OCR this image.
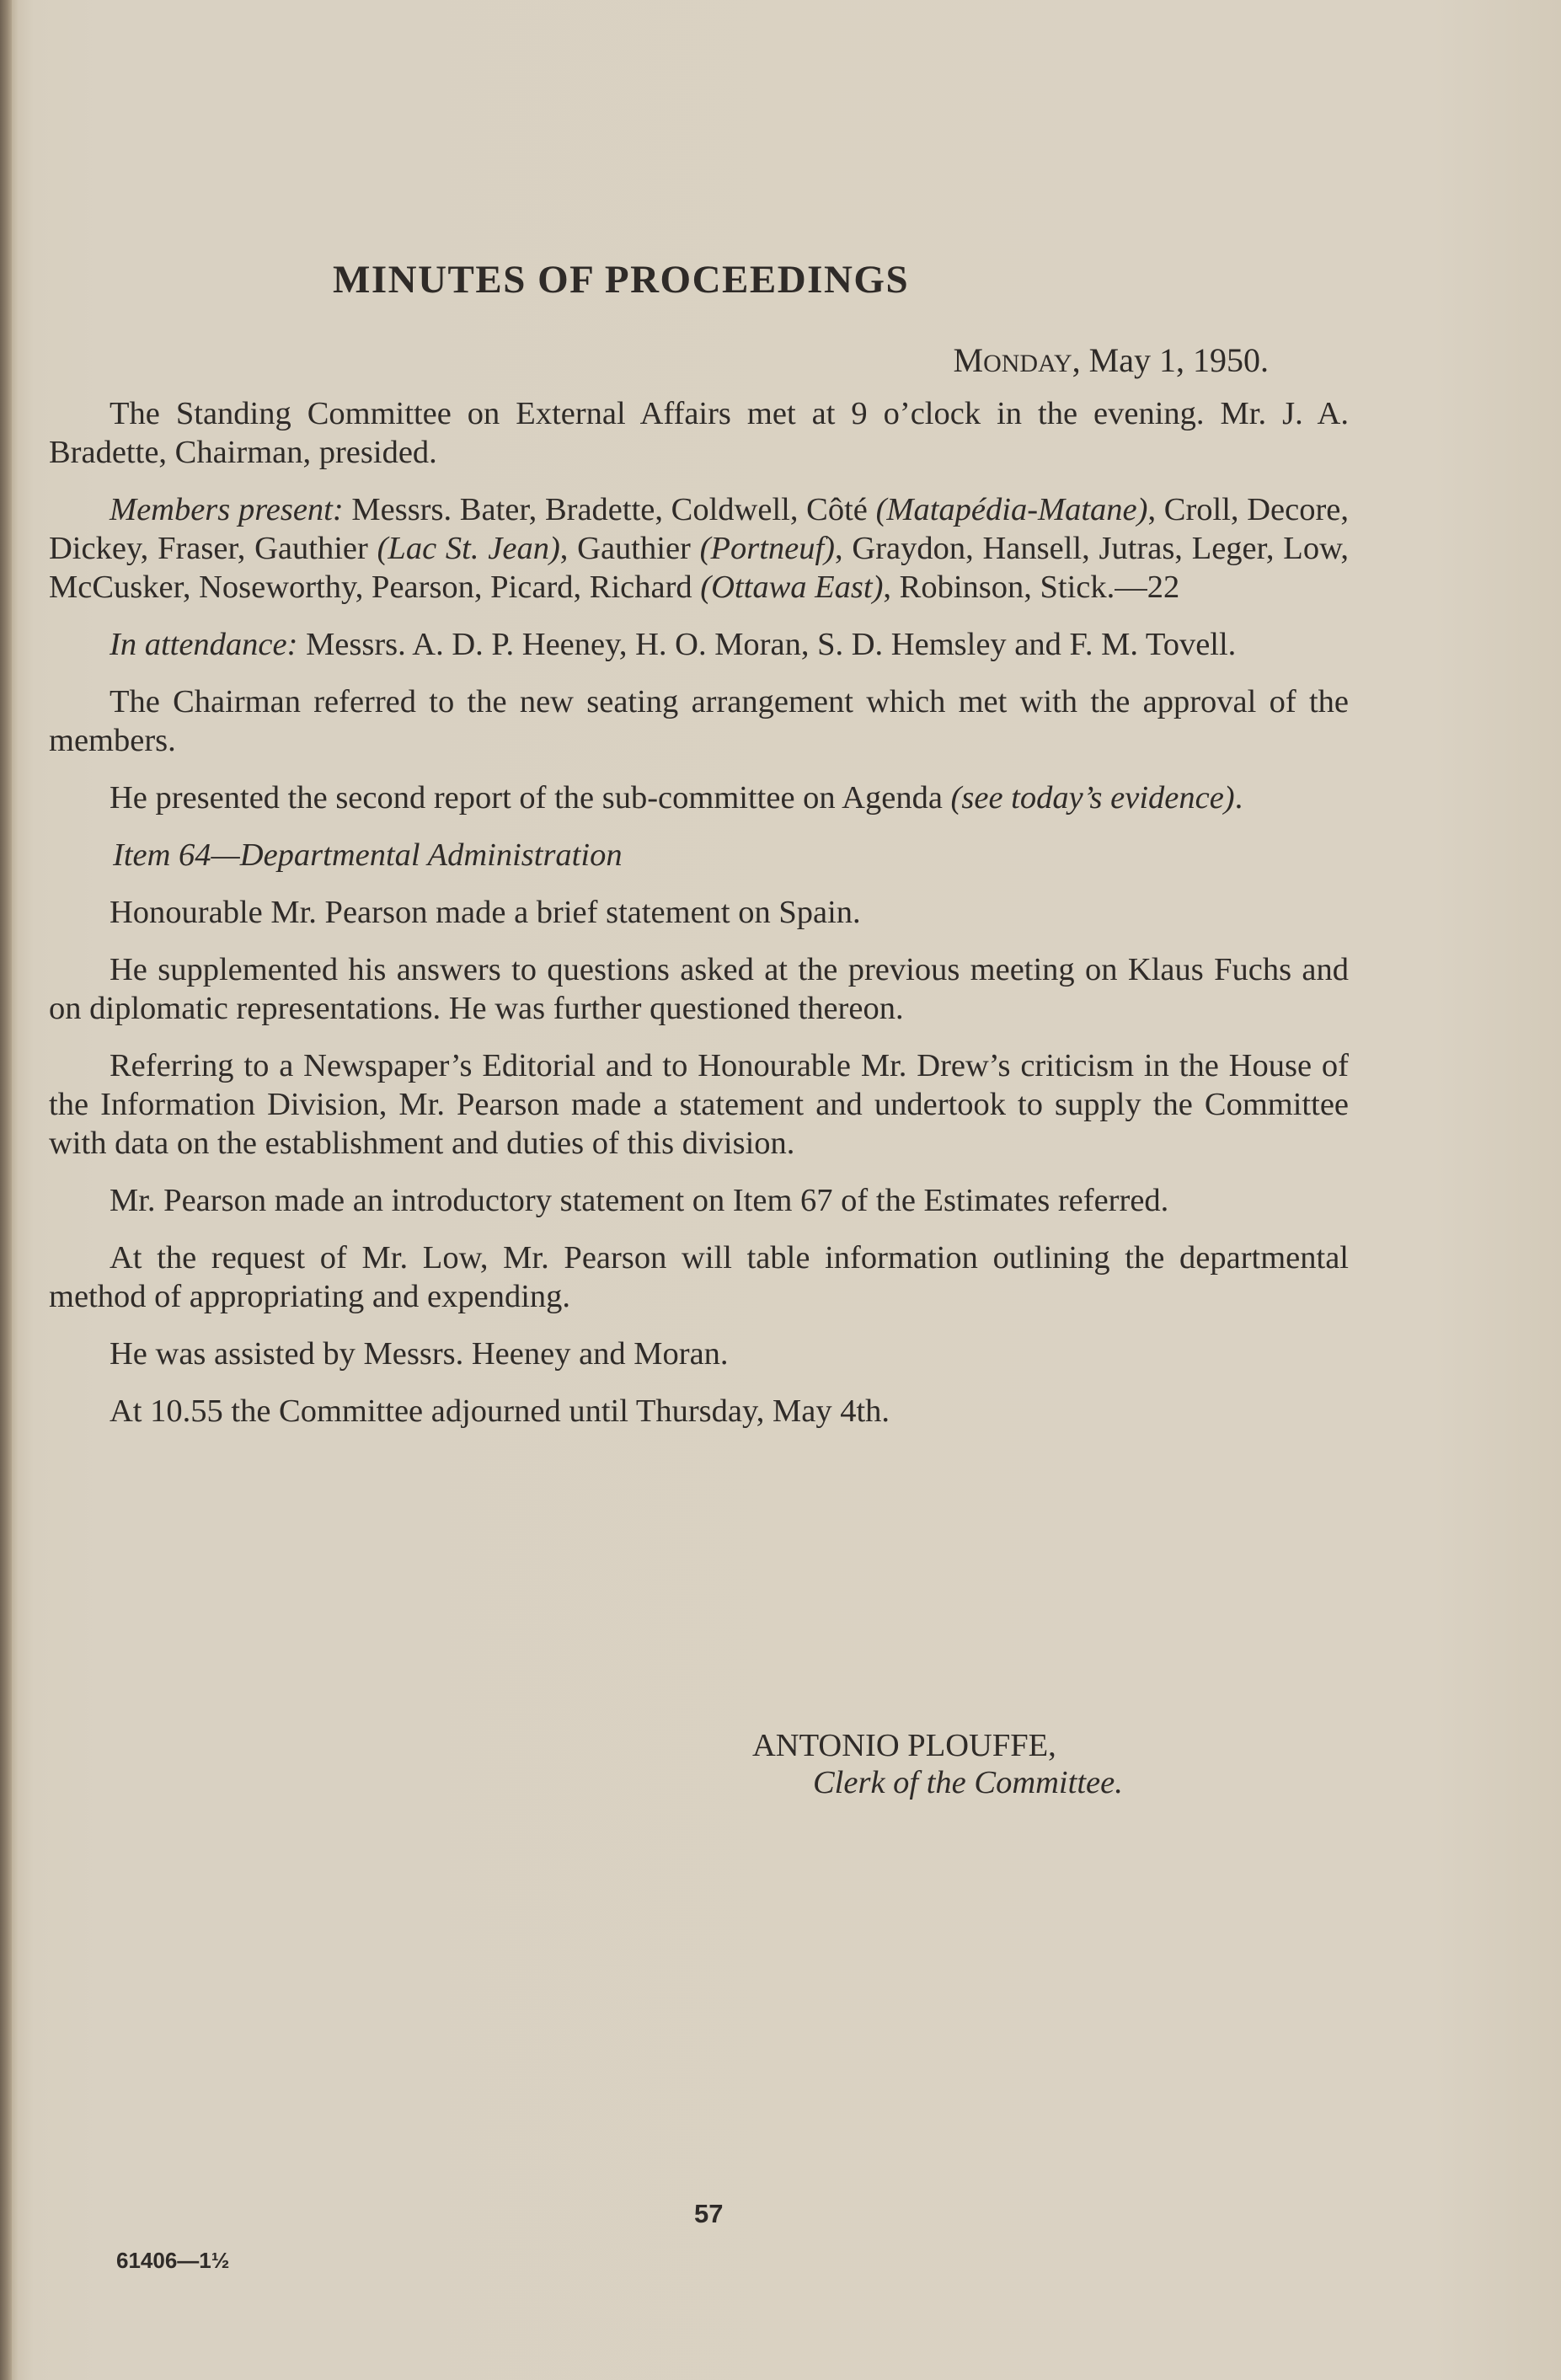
MINUTES OF PROCEEDINGS
MONDAY, May 1, 1950.

The Standing Committee on External Affairs met at 9 o’clock in the evening. Mr. J. A. Bradette, Chairman, presided.

Members present: Messrs. Bater, Bradette, Coldwell, Côté (Matapédia-Matane), Croll, Decore, Dickey, Fraser, Gauthier (Lac St. Jean), Gauthier (Portneuf), Graydon, Hansell, Jutras, Leger, Low, McCusker, Noseworthy, Pearson, Picard, Richard (Ottawa East), Robinson, Stick.—22

In attendance: Messrs. A. D. P. Heeney, H. O. Moran, S. D. Hemsley and F. M. Tovell.

The Chairman referred to the new seating arrangement which met with the approval of the members.

He presented the second report of the sub-committee on Agenda (see today’s evidence).

Item 64—Departmental Administration

Honourable Mr. Pearson made a brief statement on Spain.

He supplemented his answers to questions asked at the previous meeting on Klaus Fuchs and on diplomatic representations. He was further questioned thereon.

Referring to a Newspaper’s Editorial and to Honourable Mr. Drew’s criticism in the House of the Information Division, Mr. Pearson made a statement and undertook to supply the Committee with data on the establishment and duties of this division.

Mr. Pearson made an introductory statement on Item 67 of the Estimates referred.

At the request of Mr. Low, Mr. Pearson will table information outlining the departmental method of appropriating and expending.

He was assisted by Messrs. Heeney and Moran.

At 10.55 the Committee adjourned until Thursday, May 4th.

ANTONIO PLOUFFE,
Clerk of the Committee.
57
61406—1½
